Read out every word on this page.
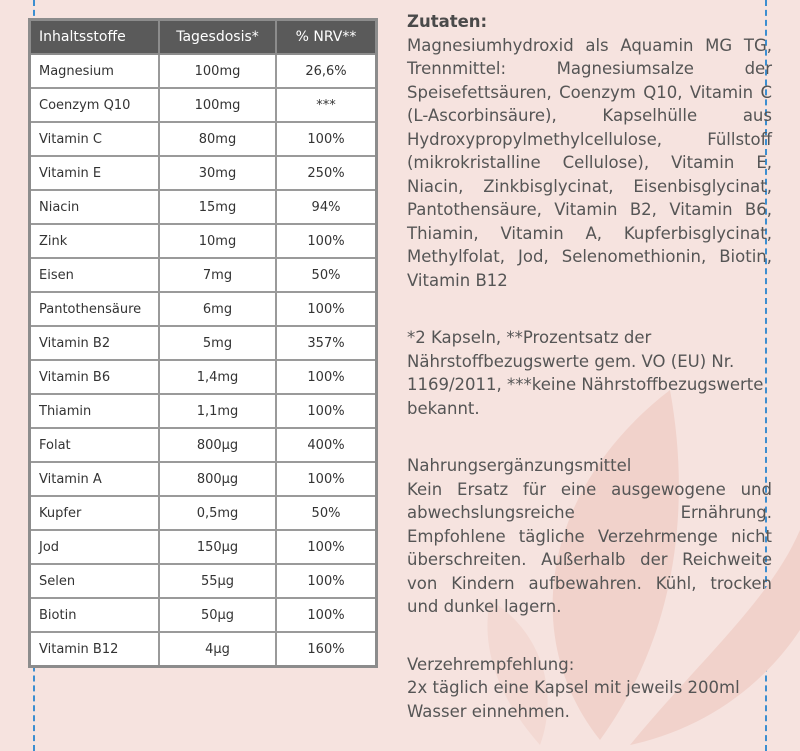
Inhaltsstoffe	Tagesdosis*	% NRV**
Magnesium	100mg	26,6%
Coenzym Q10	100mg	***
Vitamin C	80mg	100%
Vitamin E	30mg	250%
Niacin	15mg	94%
Zink	10mg	100%
Eisen	7mg	50%
Pantothensäure	6mg	100%
Vitamin B2	5mg	357%
Vitamin B6	1,4mg	100%
Thiamin	1,1mg	100%
Folat	800µg	400%
Vitamin A	800µg	100%
Kupfer	0,5mg	50%
Jod	150µg	100%
Selen	55µg	100%
Biotin	50µg	100%
Vitamin B12	4µg	160%

Zutaten:

Magnesiumhydroxid als Aquamin MG TG, Trennmittel: Magnesiumsalze der Speisefettsäuren, Coenzym Q10, Vitamin C (L-Ascorbinsäure), Kapselhülle aus Hydroxypropylmethylcellulose, Füllstoff (mikrokristalline Cellulose), Vitamin E, Niacin, Zinkbisglycinat, Eisenbisglycinat, Pantothensäure, Vitamin B2, Vitamin B6, Thiamin, Vitamin A, Kupferbisglycinat, Methylfolat, Jod, Selenomethionin, Biotin, Vitamin B12

*2 Kapseln, **Prozentsatz der Nährstoffbezugswerte gem. VO (EU) Nr. 1169/2011, ***keine Nährstoffbezugswerte bekannt.

Nahrungsergänzungsmittel

Kein Ersatz für eine ausgewogene und abwechslungsreiche Ernährung. Empfohlene tägliche Verzehrmenge nicht überschreiten. Außerhalb der Reichweite von Kindern aufbewahren. Kühl, trocken und dunkel lagern.

Verzehrempfehlung:

2x täglich eine Kapsel mit jeweils 200ml Wasser einnehmen.
